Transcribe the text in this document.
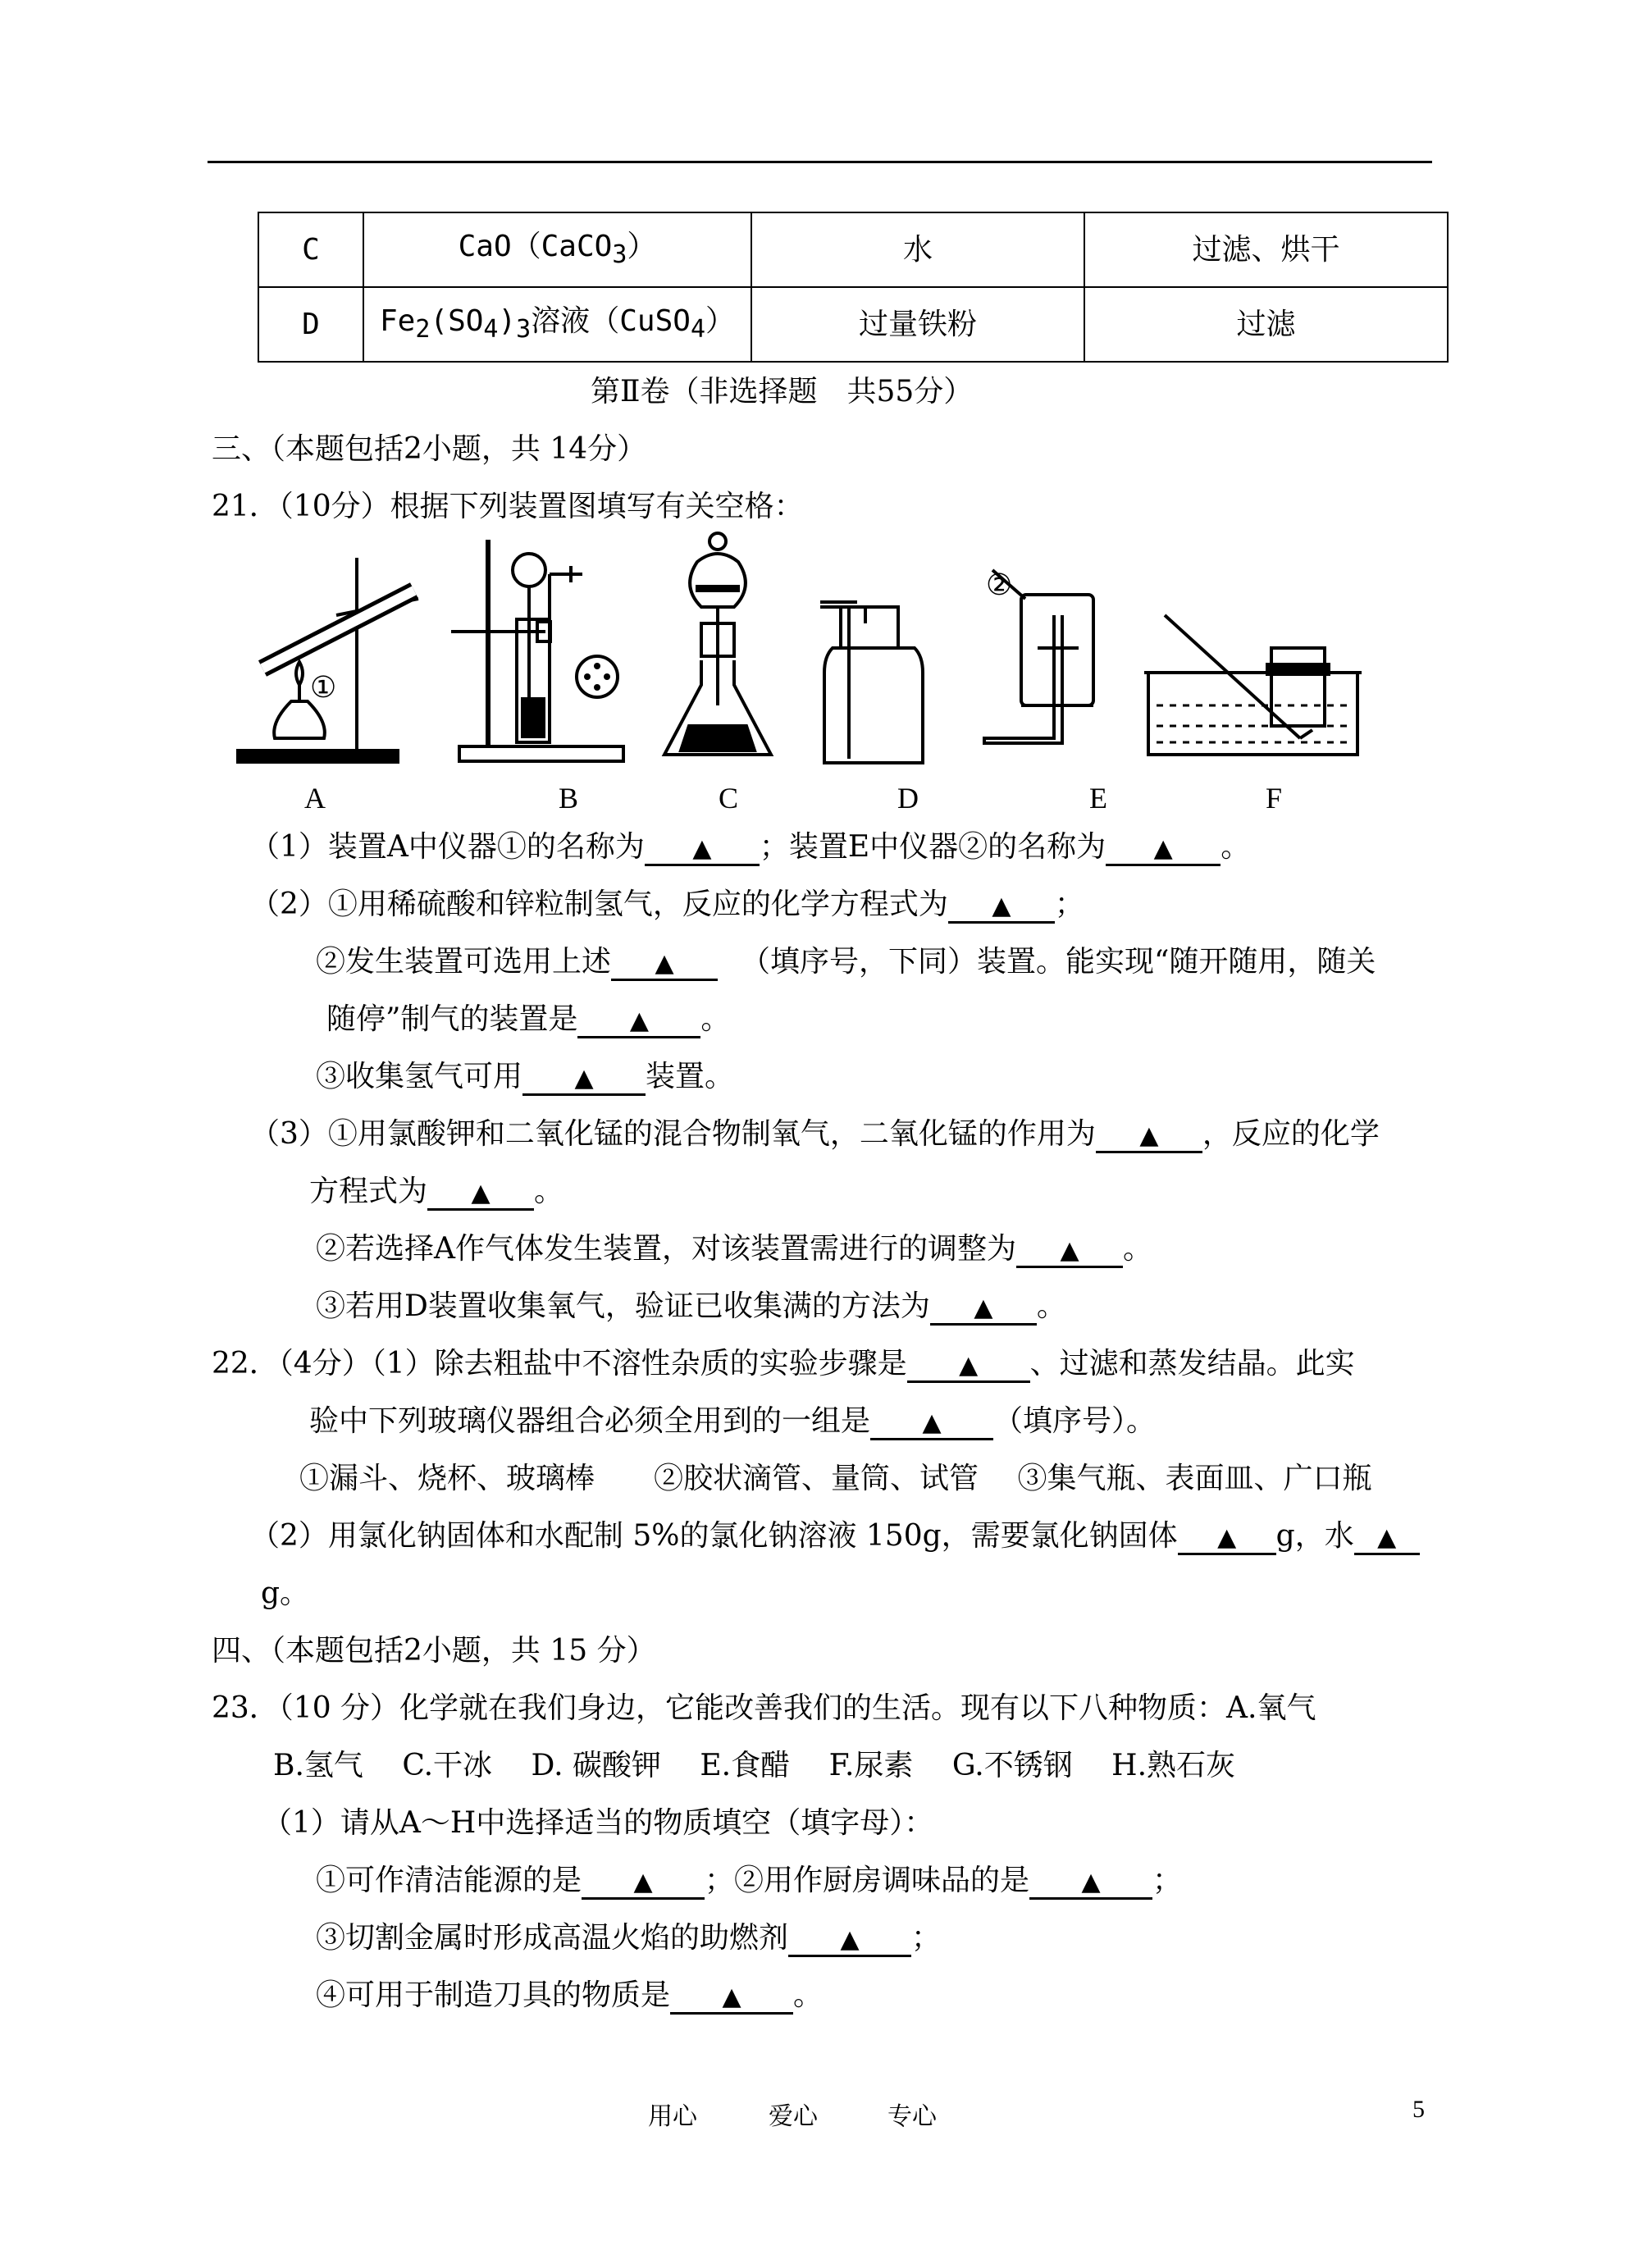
C	CaO（CaCO$_3$）	水	过滤、烘干
D	$Fe_2(SO_4)_3$溶液（CuSO$_4$）	过量铁粉	过滤
第Ⅱ卷（非选择题　共55分）
三、（本题包括2小题，共 14分）
21．（10分）根据下列装置图填写有关空格：
①
②
A	B	C	D	E	F
（1）装置A中仪器①的名称为 ▲ ；装置E中仪器②的名称为 ▲ 。
（2）①用稀硫酸和锌粒制氢气，反应的化学方程式为 ▲ ；
②发生装置可选用上述 ▲ （填序号，下同）装置。能实现“随开随用，随关
随停”制气的装置是 ▲ 。
③收集氢气可用 ▲ 装置。
（3）①用氯酸钾和二氧化锰的混合物制氧气，二氧化锰的作用为 ▲ ，反应的化学
方程式为 ▲ 。
②若选择A作气体发生装置，对该装置需进行的调整为 ▲ 。
③若用D装置收集氧气，验证已收集满的方法为 ▲ 。
22．（4分）（1）除去粗盐中不溶性杂质的实验步骤是 ▲ 、过滤和蒸发结晶。此实
验中下列玻璃仪器组合必须全用到的一组是 ▲ （填序号）。
①漏斗、烧杯、玻璃棒　　②胶状滴管、量筒、试管　 ③集气瓶、表面皿、广口瓶
（2）用氯化钠固体和水配制 5%的氯化钠溶液 150g，需要氯化钠固体 ▲ g，水 ▲
g。
四、（本题包括2小题，共 15 分）
23．（10 分）化学就在我们身边，它能改善我们的生活。现有以下八种物质：A.氧气
B.氢气　 C.干冰　 D. 碳酸钾　 E.食醋　 F.尿素　 G.不锈钢　 H.熟石灰
（1）请从A～H中选择适当的物质填空（填字母）：
①可作清洁能源的是 ▲ ；②用作厨房调味品的是 ▲ ；
③切割金属时形成高温火焰的助燃剂 ▲ ；
④可用于制造刀具的物质是 ▲ 。
用心	爱心	专心	5
